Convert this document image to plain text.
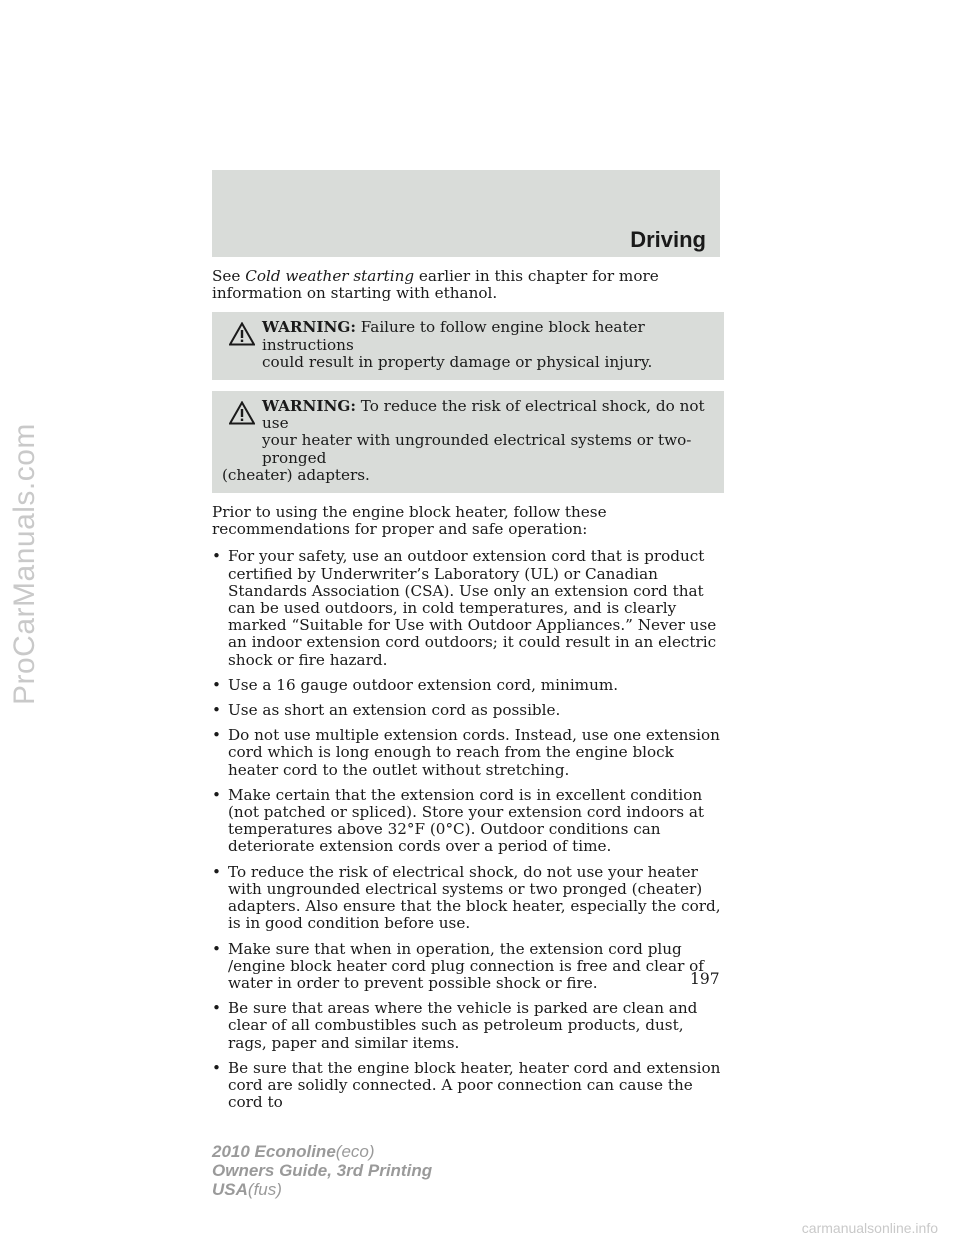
ProCarManuals.com
Driving

See Cold weather starting earlier in this chapter for more information on starting with ethanol.

WARNING: Failure to follow engine block heater instructions
could result in property damage or physical injury.
WARNING: To reduce the risk of electrical shock, do not use
your heater with ungrounded electrical systems or two-pronged
(cheater) adapters.

Prior to using the engine block heater, follow these recommendations for proper and safe operation:

• For your safety, use an outdoor extension cord that is product certified by Underwriter’s Laboratory (UL) or Canadian Standards Association (CSA). Use only an extension cord that can be used outdoors, in cold temperatures, and is clearly marked “Suitable for Use with Outdoor Appliances.” Never use an indoor extension cord outdoors; it could result in an electric shock or fire hazard.
• Use a 16 gauge outdoor extension cord, minimum.
• Use as short an extension cord as possible.
• Do not use multiple extension cords. Instead, use one extension cord which is long enough to reach from the engine block heater cord to the outlet without stretching.
• Make certain that the extension cord is in excellent condition (not patched or spliced). Store your extension cord indoors at temperatures above 32°F (0°C). Outdoor conditions can deteriorate extension cords over a period of time.
• To reduce the risk of electrical shock, do not use your heater with ungrounded electrical systems or two pronged (cheater) adapters. Also ensure that the block heater, especially the cord, is in good condition before use.
• Make sure that when in operation, the extension cord plug /engine block heater cord plug connection is free and clear of water in order to prevent possible shock or fire.
• Be sure that areas where the vehicle is parked are clean and clear of all combustibles such as petroleum products, dust, rags, paper and similar items.
• Be sure that the engine block heater, heater cord and extension cord are solidly connected. A poor connection can cause the cord to
197
2010 Econoline(eco)
Owners Guide, 3rd Printing
USA(fus)
carmanualsonline.info
